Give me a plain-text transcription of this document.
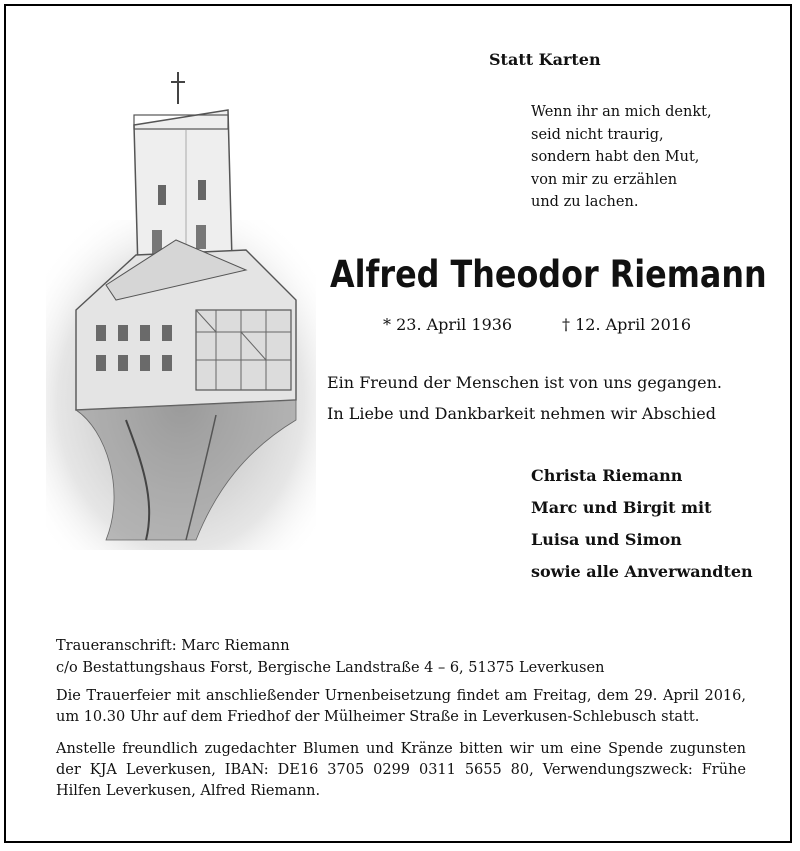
Statt Karten
Wenn ihr an mich denkt,
seid nicht traurig,
sondern habt den Mut,
von mir zu erzählen
und zu lachen.
Alfred Theodor Riemann
* 23. April 1936	† 12. April 2016
Ein Freund der Menschen ist von uns gegangen.
In Liebe und Dankbarkeit nehmen wir Abschied
Christa Riemann
Marc und Birgit mit
Luisa und Simon
sowie alle Anverwandten
Traueranschrift: Marc Riemann
c/o Bestattungshaus Forst, Bergische Landstraße 4 – 6, 51375 Leverkusen
Die Trauerfeier mit anschließender Urnenbeisetzung findet am Freitag, dem 29. April 2016, um 10.30 Uhr auf dem Friedhof der Mülheimer Straße in Leverkusen-Schlebusch statt.
Anstelle freundlich zugedachter Blumen und Kränze bitten wir um eine Spende zugunsten der KJA Leverkusen, IBAN: DE16 3705 0299 0311 5655 80, Verwendungszweck: Frühe Hilfen Leverkusen, Alfred Riemann.
